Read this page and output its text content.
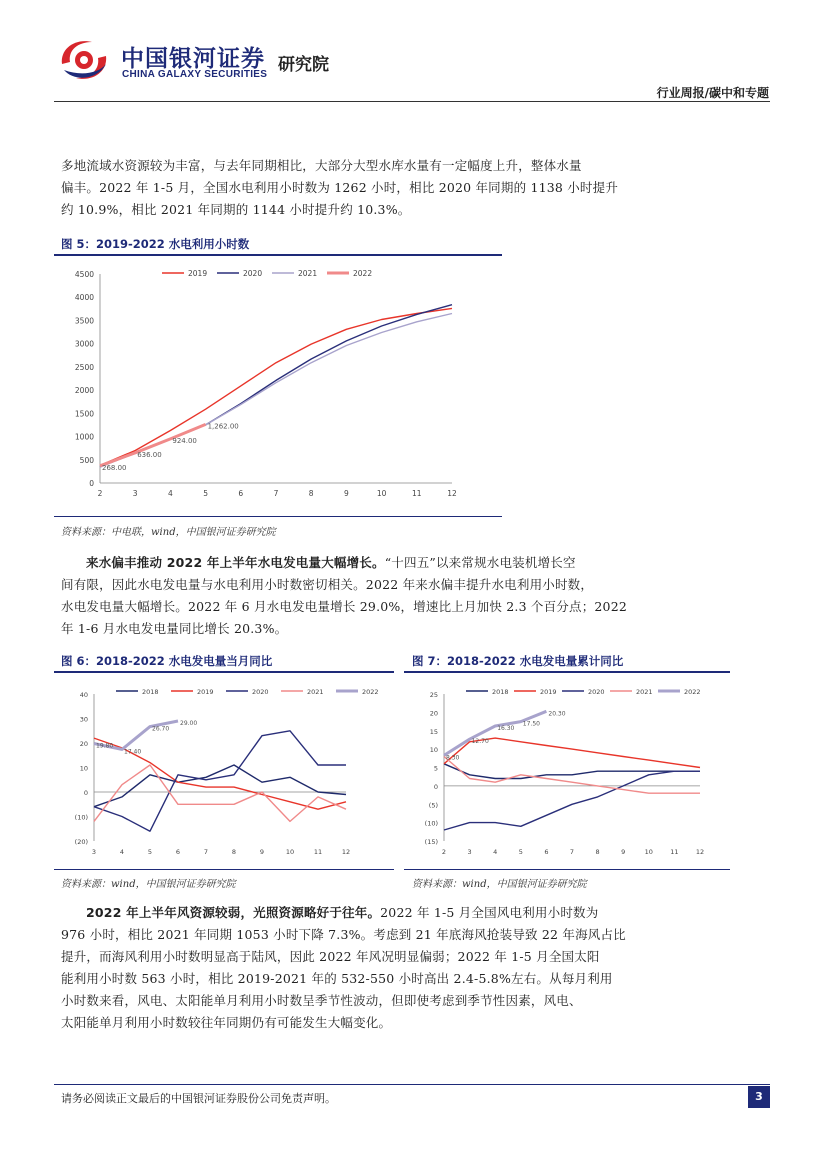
中国银河证券
CHINA GALAXY SECURITIES 研究院
行业周报/碳中和专题
多地流域水资源较为丰富，与去年同期相比，大部分大型水库水量有一定幅度上升，整体水量
偏丰。2022 年 1-5 月，全国水电利用小时数为 1262 小时，相比 2020 年同期的 1138 小时提升
约 10.9%，相比 2021 年同期的 1144 小时提升约 10.3%。
图 5：2019-2022 水电利用小时数
0
500
1000
1500
2000
2500
3000
3500
4000
4500
2	3	4	5	6	7	8	9	10	11	12
268.00
636.00
924.00
1,262.00
2019	2020	2021	2022
资料来源：中电联，wind，中国银河证券研究院
来水偏丰推动 2022 年上半年水电发电量大幅增长。“十四五”以来常规水电装机增长空
间有限，因此水电发电量与水电利用小时数密切相关。2022 年来水偏丰提升水电利用小时数，
水电发电量大幅增长。2022 年 6 月水电发电量增长 29.0%，增速比上月加快 2.3 个百分点；2022
年 1-6 月水电发电量同比增长 20.3%。
图 6：2018-2022 水电发电量当月同比
(20)
(10)
0
10
20
30
40
3	4	5	6	7	8	9	10	11	12
19.80
17.40
26.70
29.00
2018	2019	2020	2021	2022
资料来源：wind，中国银河证券研究院
图 7：2018-2022 水电发电量累计同比
(15)
(10)
(5)
0
5
10
15
20
25
2	3	4	5	6	7	8	9	10	11	12
8.30
12.70
16.30
17.50
20.30
2018	2019	2020	2021	2022
资料来源：wind，中国银河证券研究院
2022 年上半年风资源较弱，光照资源略好于往年。2022 年 1-5 月全国风电利用小时数为
976 小时，相比 2021 年同期 1053 小时下降 7.3%。考虑到 21 年底海风抢装导致 22 年海风占比
提升，而海风利用小时数明显高于陆风，因此 2022 年风况明显偏弱；2022 年 1-5 月全国太阳
能利用小时数 563 小时，相比 2019-2021 年的 532-550 小时高出 2.4-5.8%左右。从每月利用
小时数来看，风电、太阳能单月利用小时数呈季节性波动，但即使考虑到季节性因素，风电、
太阳能单月利用小时数较往年同期仍有可能发生大幅变化。
请务必阅读正文最后的中国银河证券股份公司免责声明。	3
